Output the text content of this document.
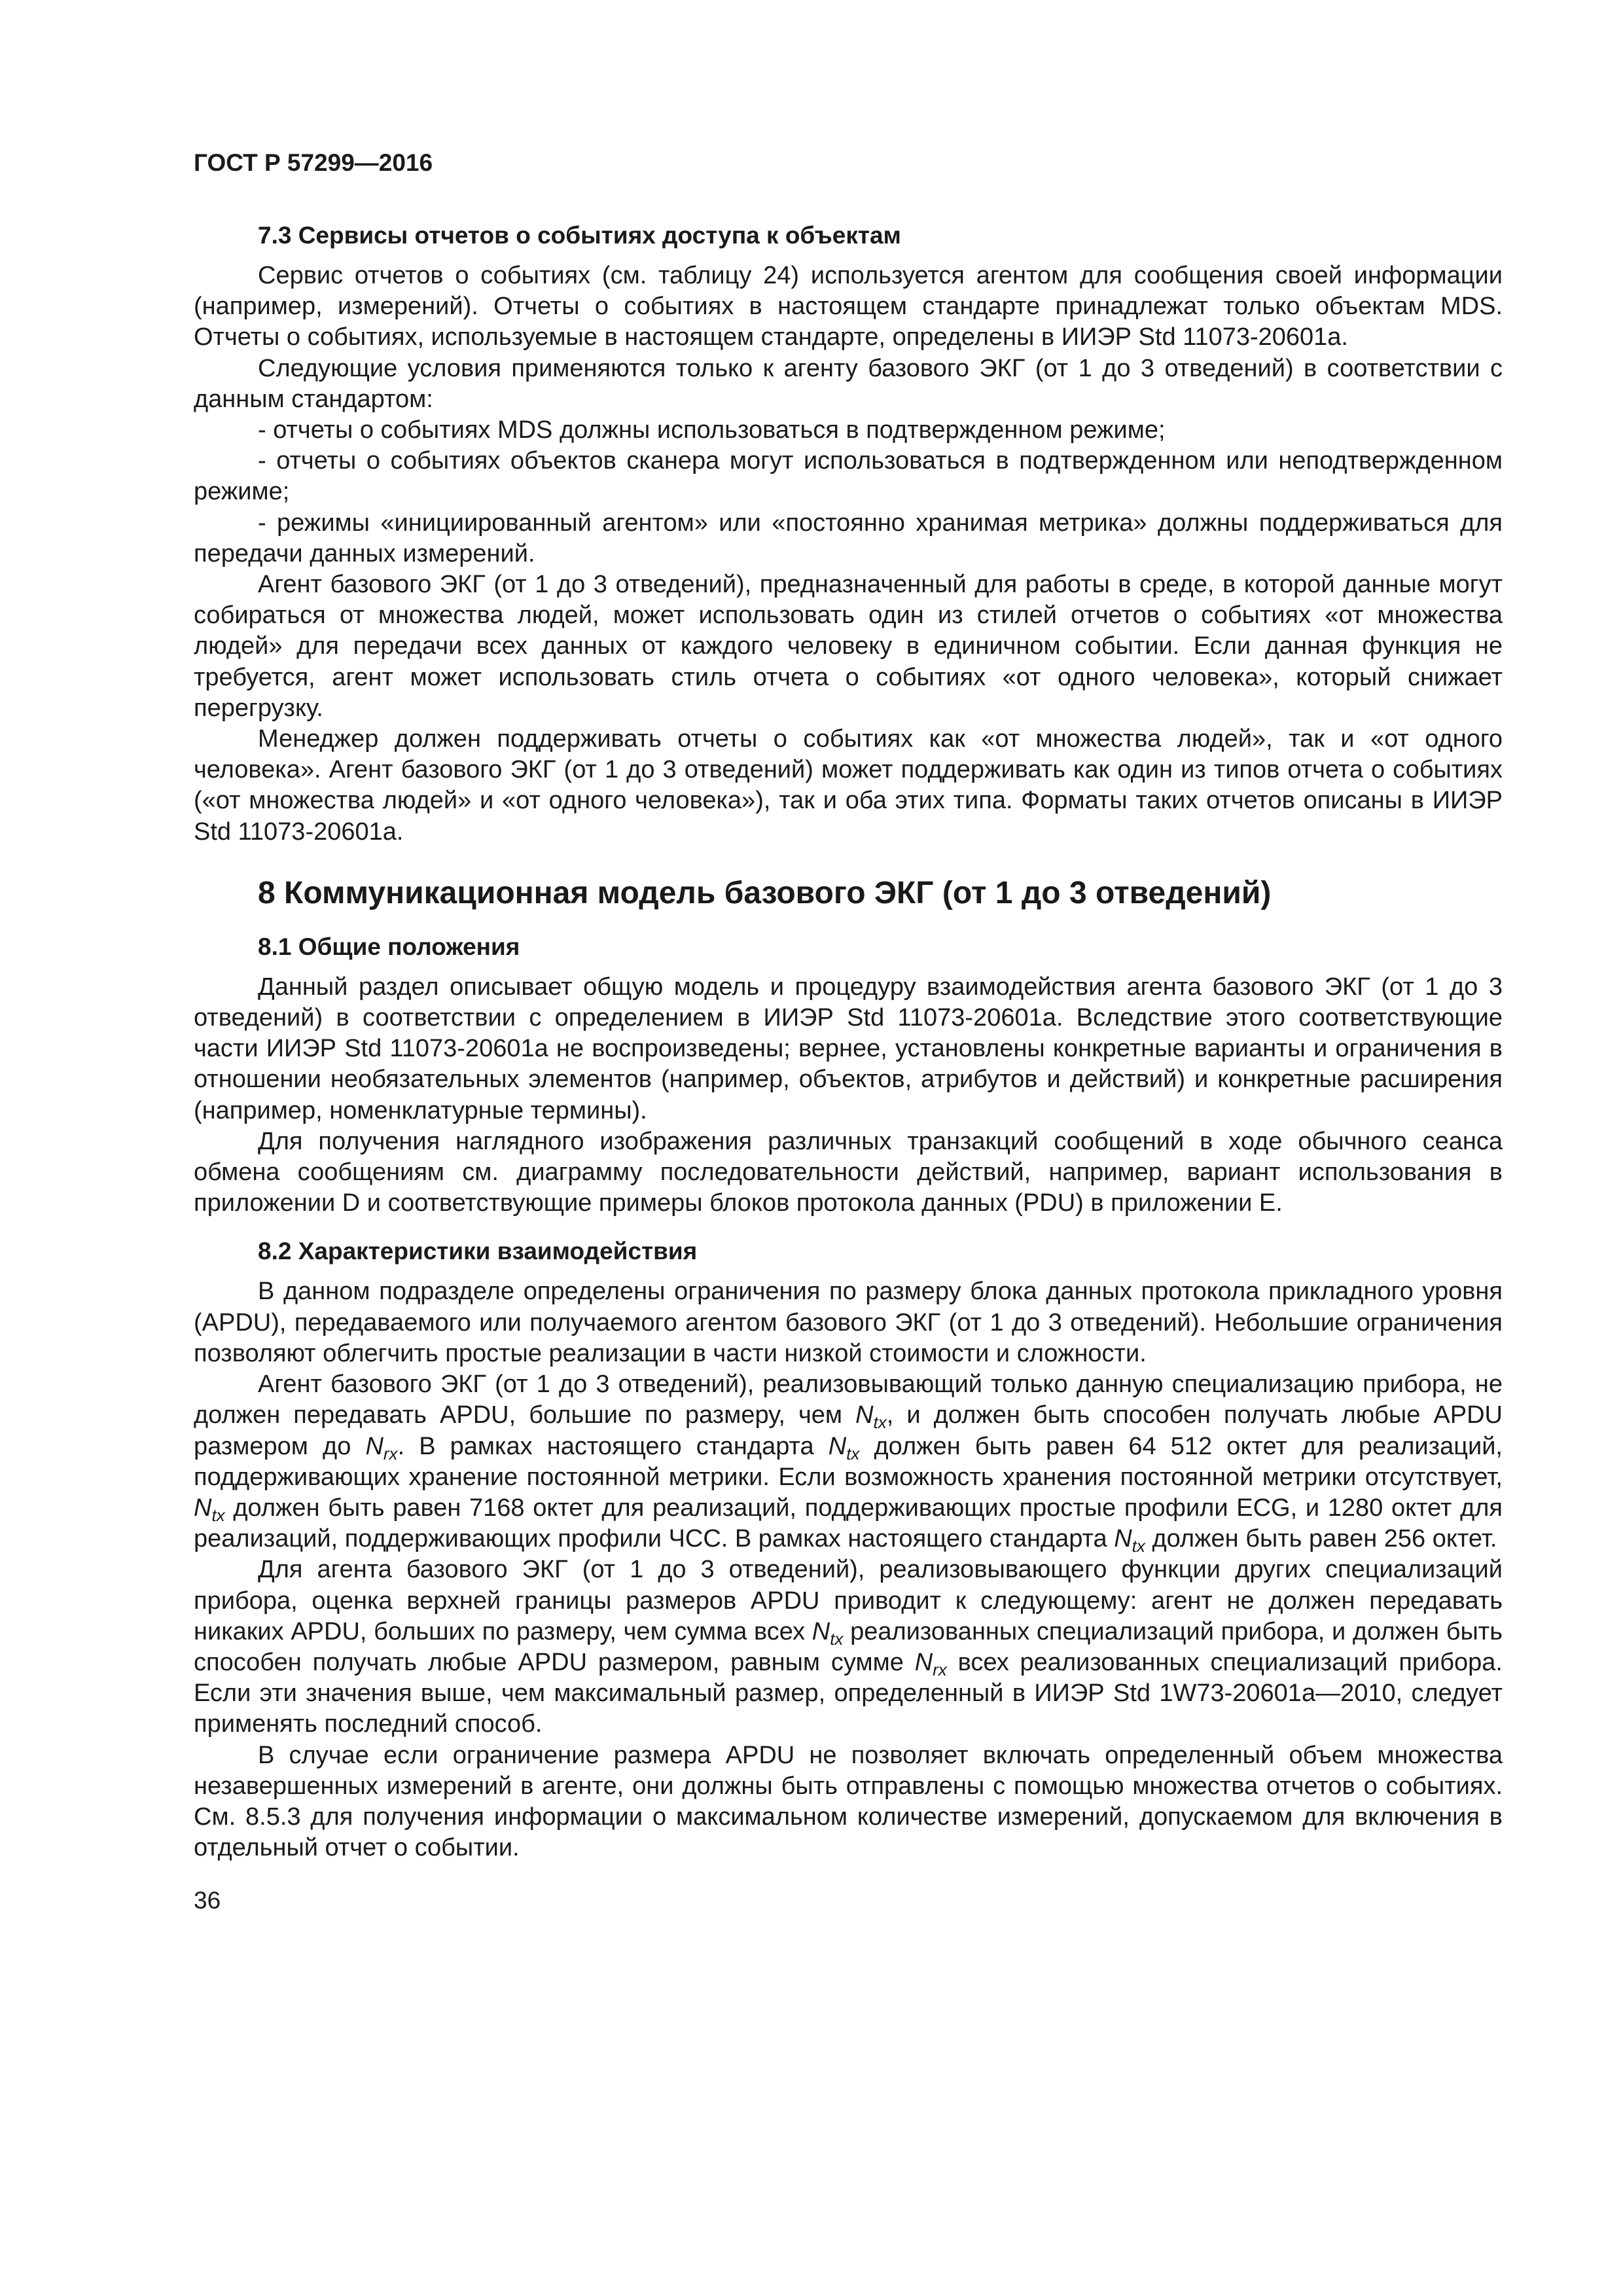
ГОСТ Р 57299—2016
7.3 Сервисы отчетов о событиях доступа к объектам

Сервис отчетов о событиях (см. таблицу 24) используется агентом для сообщения своей информации (например, измерений). Отчеты о событиях в настоящем стандарте принадлежат только объектам MDS. Отчеты о событиях, используемые в настоящем стандарте, определены в ИИЭР Std 11073-20601а.

Следующие условия применяются только к агенту базового ЭКГ (от 1 до 3 отведений) в соответствии с данным стандартом:

- отчеты о событиях MDS должны использоваться в подтвержденном режиме;

- отчеты о событиях объектов сканера могут использоваться в подтвержденном или неподтвержденном режиме;

- режимы «инициированный агентом» или «постоянно хранимая метрика» должны поддерживаться для передачи данных измерений.

Агент базового ЭКГ (от 1 до 3 отведений), предназначенный для работы в среде, в которой данные могут собираться от множества людей, может использовать один из стилей отчетов о событиях «от множества людей» для передачи всех данных от каждого человеку в единичном событии. Если данная функция не требуется, агент может использовать стиль отчета о событиях «от одного человека», который снижает перегрузку.

Менеджер должен поддерживать отчеты о событиях как «от множества людей», так и «от одного человека». Агент базового ЭКГ (от 1 до 3 отведений) может поддерживать как один из типов отчета о событиях («от множества людей» и «от одного человека»), так и оба этих типа. Форматы таких отчетов описаны в ИИЭР Std 11073-20601а.

8 Коммуникационная модель базового ЭКГ (от 1 до 3 отведений)
8.1 Общие положения

Данный раздел описывает общую модель и процедуру взаимодействия агента базового ЭКГ (от 1 до 3 отведений) в соответствии с определением в ИИЭР Std 11073-20601а. Вследствие этого соответствующие части ИИЭР Std 11073-20601а не воспроизведены; вернее, установлены конкретные варианты и ограничения в отношении необязательных элементов (например, объектов, атрибутов и действий) и конкретные расширения (например, номенклатурные термины).

Для получения наглядного изображения различных транзакций сообщений в ходе обычного сеанса обмена сообщениям см. диаграмму последовательности действий, например, вариант использования в приложении D и соответствующие примеры блоков протокола данных (PDU) в приложении Е.

8.2 Характеристики взаимодействия

В данном подразделе определены ограничения по размеру блока данных протокола прикладного уровня (APDU), передаваемого или получаемого агентом базового ЭКГ (от 1 до 3 отведений). Небольшие ограничения позволяют облегчить простые реализации в части низкой стоимости и сложности.

Агент базового ЭКГ (от 1 до 3 отведений), реализовывающий только данную специализацию прибора, не должен передавать APDU, большие по размеру, чем $N_{tx}$, и должен быть способен получать любые APDU размером до $N_{rx}$. В рамках настоящего стандарта $N_{tx}$ должен быть равен 64 512 октет для реализаций, поддерживающих хранение постоянной метрики. Если возможность хранения постоянной метрики отсутствует, $N_{tx}$ должен быть равен 7168 октет для реализаций, поддерживающих простые профили ECG, и 1280 октет для реализаций, поддерживающих профили ЧСС. В рамках настоящего стандарта $N_{tx}$ должен быть равен 256 октет.

Для агента базового ЭКГ (от 1 до 3 отведений), реализовывающего функции других специализаций прибора, оценка верхней границы размеров APDU приводит к следующему: агент не должен передавать никаких APDU, больших по размеру, чем сумма всех $N_{tx}$ реализованных специализаций прибора, и должен быть способен получать любые APDU размером, равным сумме $N_{rx}$ всех реализованных специализаций прибора. Если эти значения выше, чем максимальный размер, определенный в ИИЭР Std 1W73-20601а—2010, следует применять последний способ.

В случае если ограничение размера APDU не позволяет включать определенный объем множества незавершенных измерений в агенте, они должны быть отправлены с помощью множества отчетов о событиях. См. 8.5.3 для получения информации о максимальном количестве измерений, допускаемом для включения в отдельный отчет о событии.

36
